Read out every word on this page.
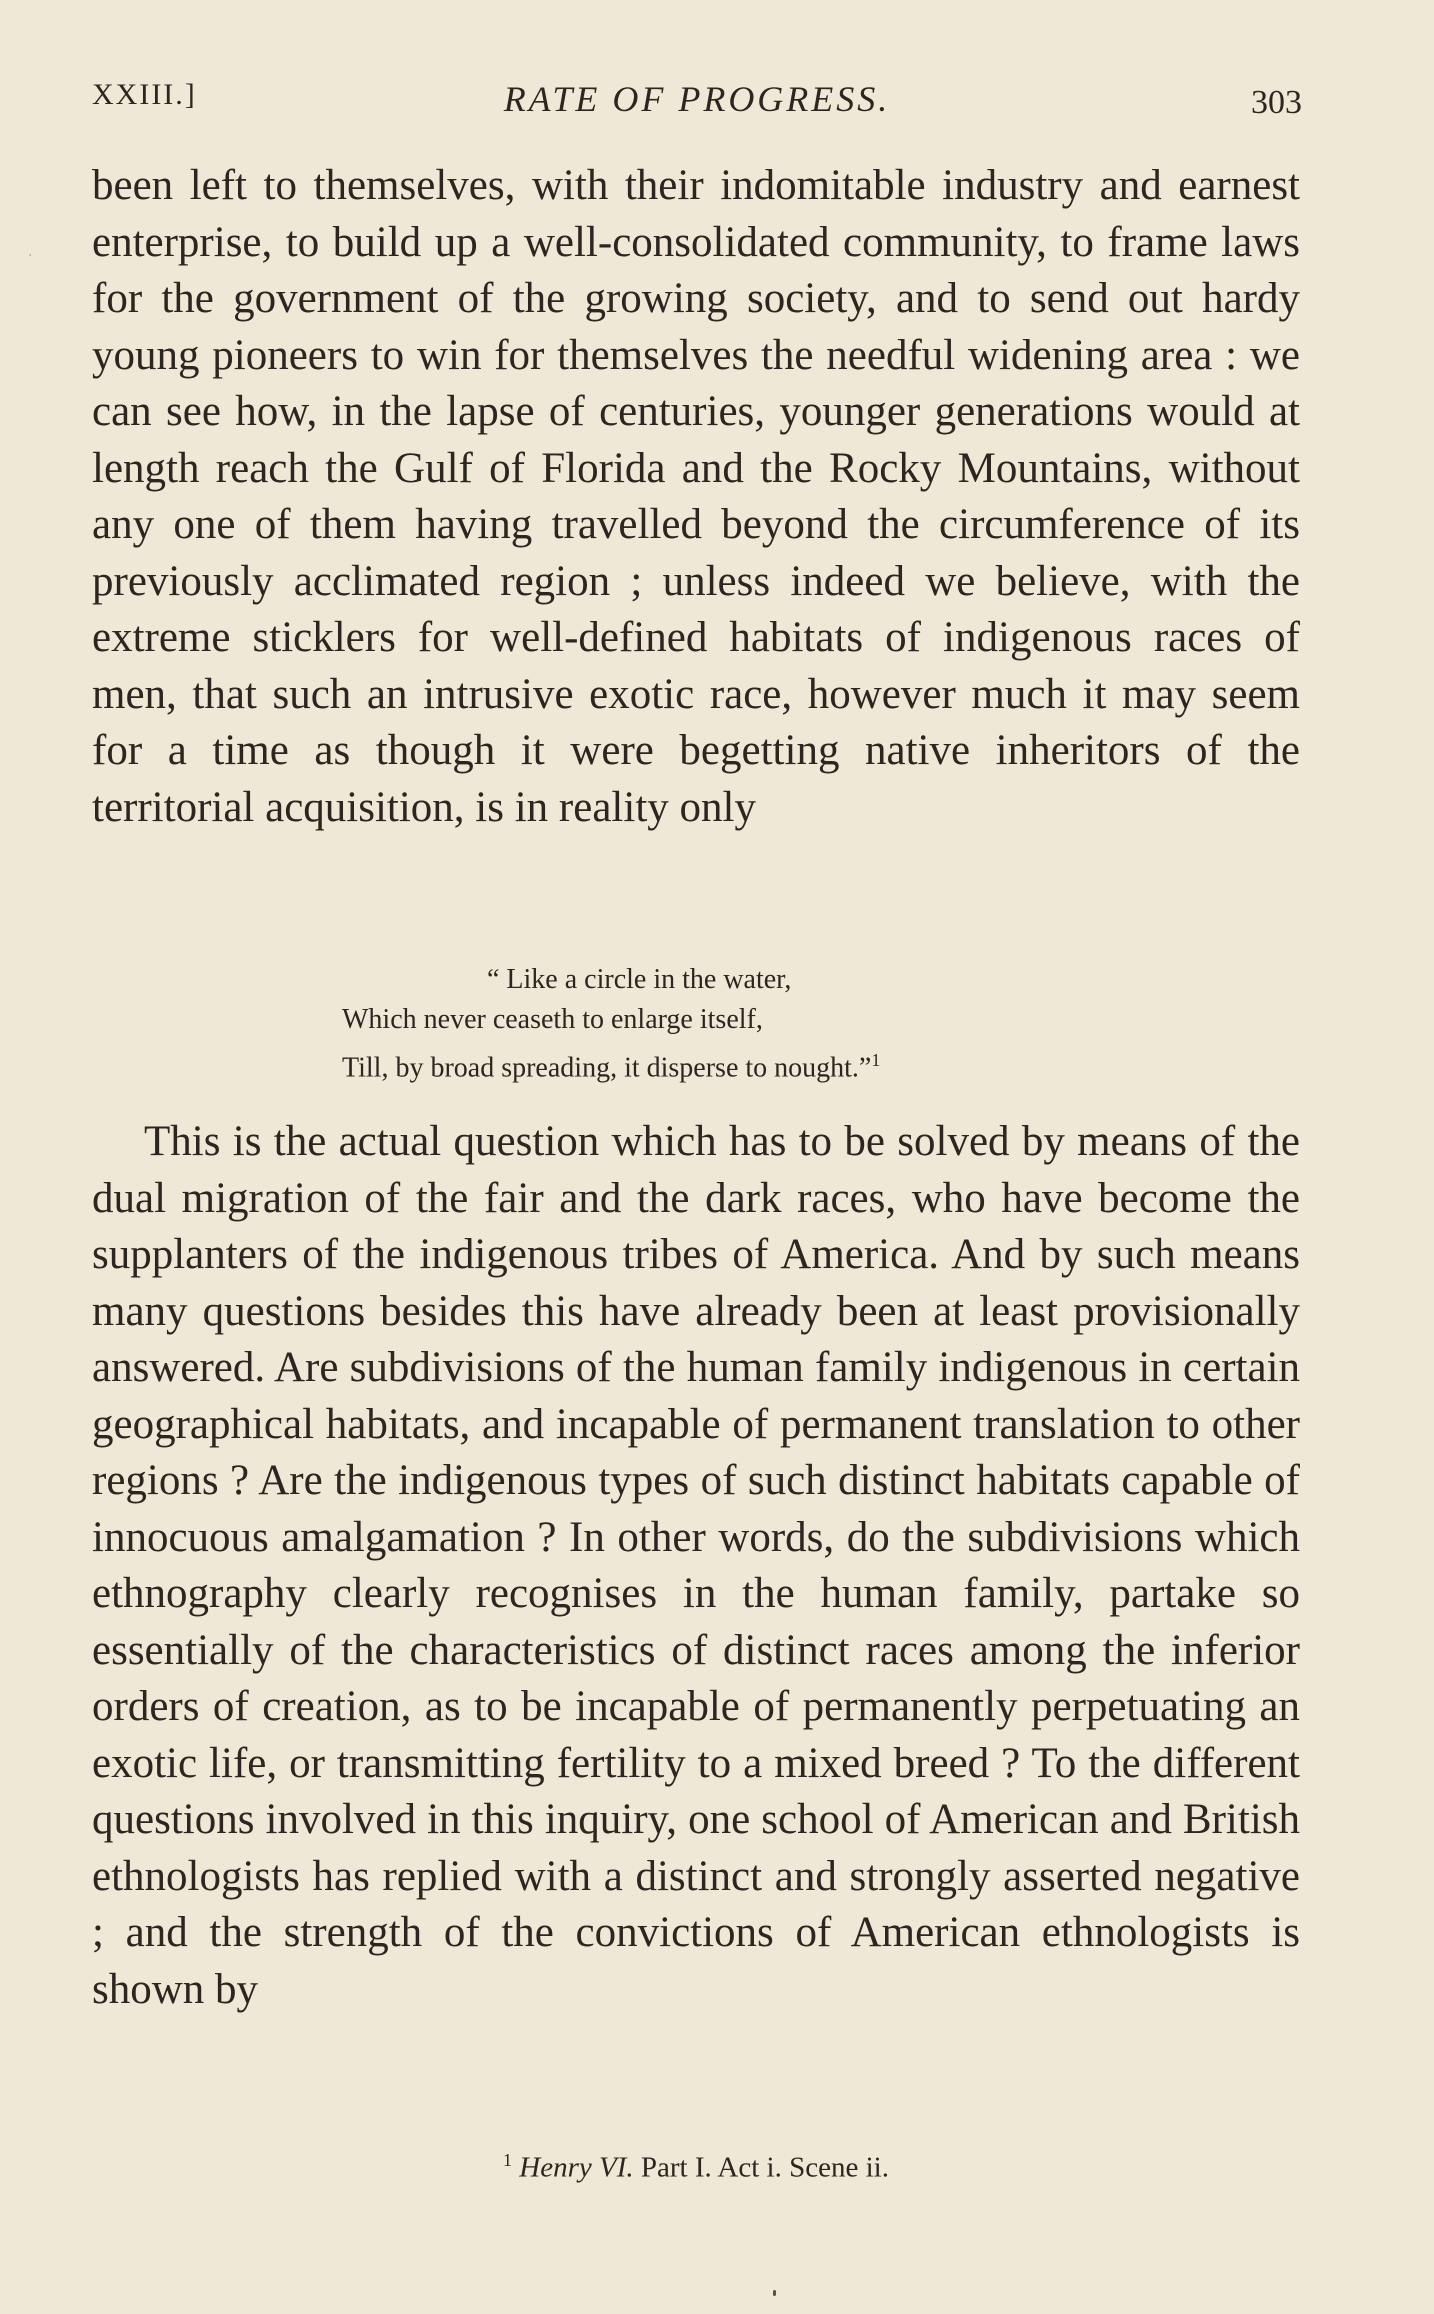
XXIII.]	RATE OF PROGRESS.	303
·

been left to themselves, with their indomitable industry and earnest enterprise, to build up a well-consolidated community, to frame laws for the government of the growing society, and to send out hardy young pioneers to win for themselves the needful widening area : we can see how, in the lapse of centuries, younger generations would at length reach the Gulf of Florida and the Rocky Mountains, without any one of them having travelled beyond the circumference of its previously acclimated region ; unless indeed we believe, with the extreme sticklers for well-defined habitats of indigenous races of men, that such an intrusive exotic race, however much it may seem for a time as though it were begetting native inheritors of the territorial acquisition, is in reality only

“ Like a circle in the water,
Which never ceaseth to enlarge itself,
Till, by broad spreading, it disperse to nought.”$^1$

This is the actual question which has to be solved by means of the dual migration of the fair and the dark races, who have become the supplanters of the indigenous tribes of America. And by such means many questions besides this have already been at least provisionally answered. Are subdivisions of the human family indigenous in certain geographical habitats, and incapable of permanent translation to other regions ? Are the indigenous types of such distinct habitats capable of innocuous amalgamation ? In other words, do the subdivisions which ethnography clearly recognises in the human family, partake so essentially of the characteristics of distinct races among the inferior orders of creation, as to be incapable of permanently perpetuating an exotic life, or transmitting fertility to a mixed breed ? To the different questions involved in this inquiry, one school of American and British ethnologists has replied with a distinct and strongly asserted negative ; and the strength of the convictions of American ethnologists is shown by

$^1$ Henry VI. Part I. Act i. Scene ii.
